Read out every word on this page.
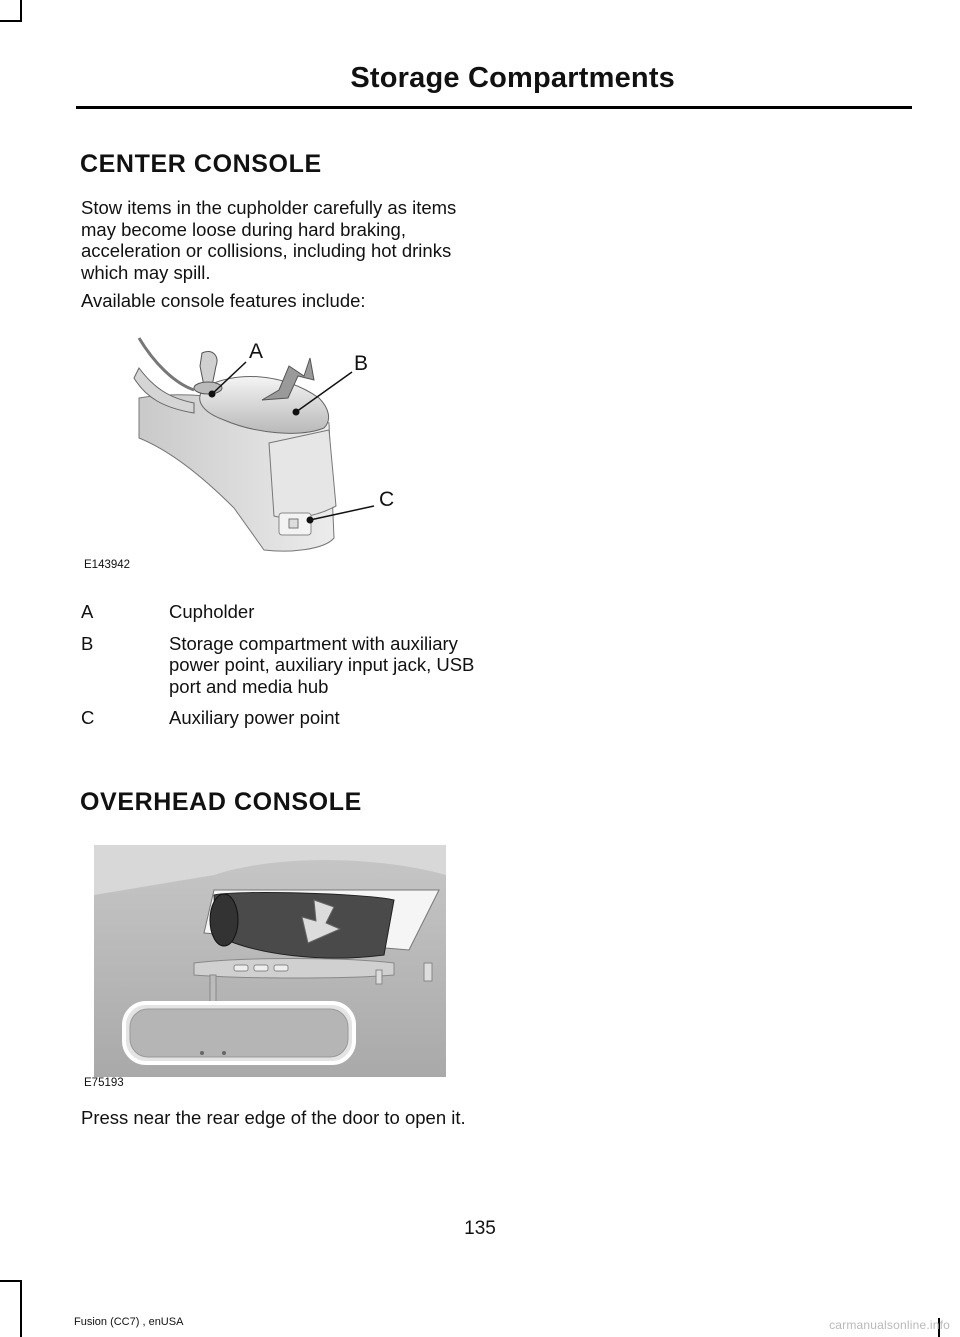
Storage Compartments
CENTER CONSOLE
Stow items in the cupholder carefully as items may become loose during hard braking, acceleration or collisions, including hot drinks which may spill.
Available console features include:
A
B
C
E143942
A	Cupholder
B	Storage compartment with auxiliary power point, auxiliary input jack, USB port and media hub
C	Auxiliary power point
OVERHEAD CONSOLE
E75193
Press near the rear edge of the door to open it.
135
Fusion (CC7) , enUSA	carmanualsonline.info
